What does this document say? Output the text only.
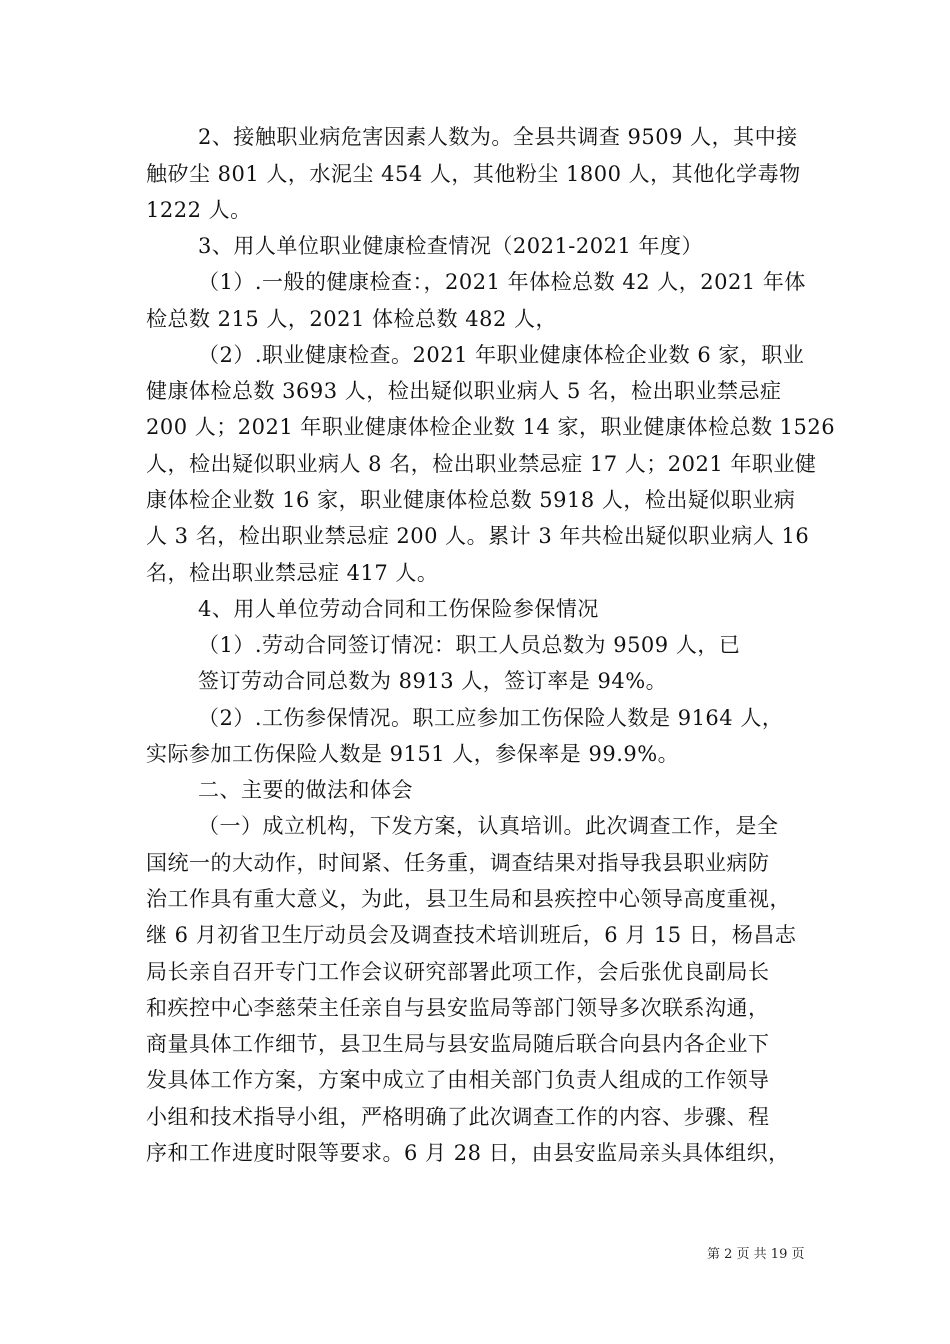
2、接触职业病危害因素人数为。全县共调查 9509 人，其中接
触矽尘 801 人，水泥尘 454 人，其他粉尘 1800 人，其他化学毒物
1222 人。
3、用人单位职业健康检查情况（2021-2021 年度）
（1）.一般的健康检查：，2021 年体检总数 42 人，2021 年体
检总数 215 人，2021 体检总数 482 人，
（2）.职业健康检查。2021 年职业健康体检企业数 6 家，职业
健康体检总数 3693 人，检出疑似职业病人 5 名，检出职业禁忌症
200 人；2021 年职业健康体检企业数 14 家，职业健康体检总数 1526
人，检出疑似职业病人 8 名，检出职业禁忌症 17 人；2021 年职业健
康体检企业数 16 家，职业健康体检总数 5918 人，检出疑似职业病
人 3 名，检出职业禁忌症 200 人。累计 3 年共检出疑似职业病人 16
名，检出职业禁忌症 417 人。
4、用人单位劳动合同和工伤保险参保情况
（1）.劳动合同签订情况：职工人员总数为 9509 人，已
签订劳动合同总数为 8913 人，签订率是 94%。
（2）.工伤参保情况。职工应参加工伤保险人数是 9164 人，
实际参加工伤保险人数是 9151 人，参保率是 99.9%。
二、主要的做法和体会
（一）成立机构，下发方案，认真培训。此次调查工作，是全
国统一的大动作，时间紧、任务重，调查结果对指导我县职业病防
治工作具有重大意义，为此，县卫生局和县疾控中心领导高度重视，
继 6 月初省卫生厅动员会及调查技术培训班后，6 月 15 日，杨昌志
局长亲自召开专门工作会议研究部署此项工作，会后张优良副局长
和疾控中心李慈荣主任亲自与县安监局等部门领导多次联系沟通，
商量具体工作细节，县卫生局与县安监局随后联合向县内各企业下
发具体工作方案，方案中成立了由相关部门负责人组成的工作领导
小组和技术指导小组，严格明确了此次调查工作的内容、步骤、程
序和工作进度时限等要求。6 月 28 日，由县安监局亲头具体组织，
第 2 页 共 19 页
